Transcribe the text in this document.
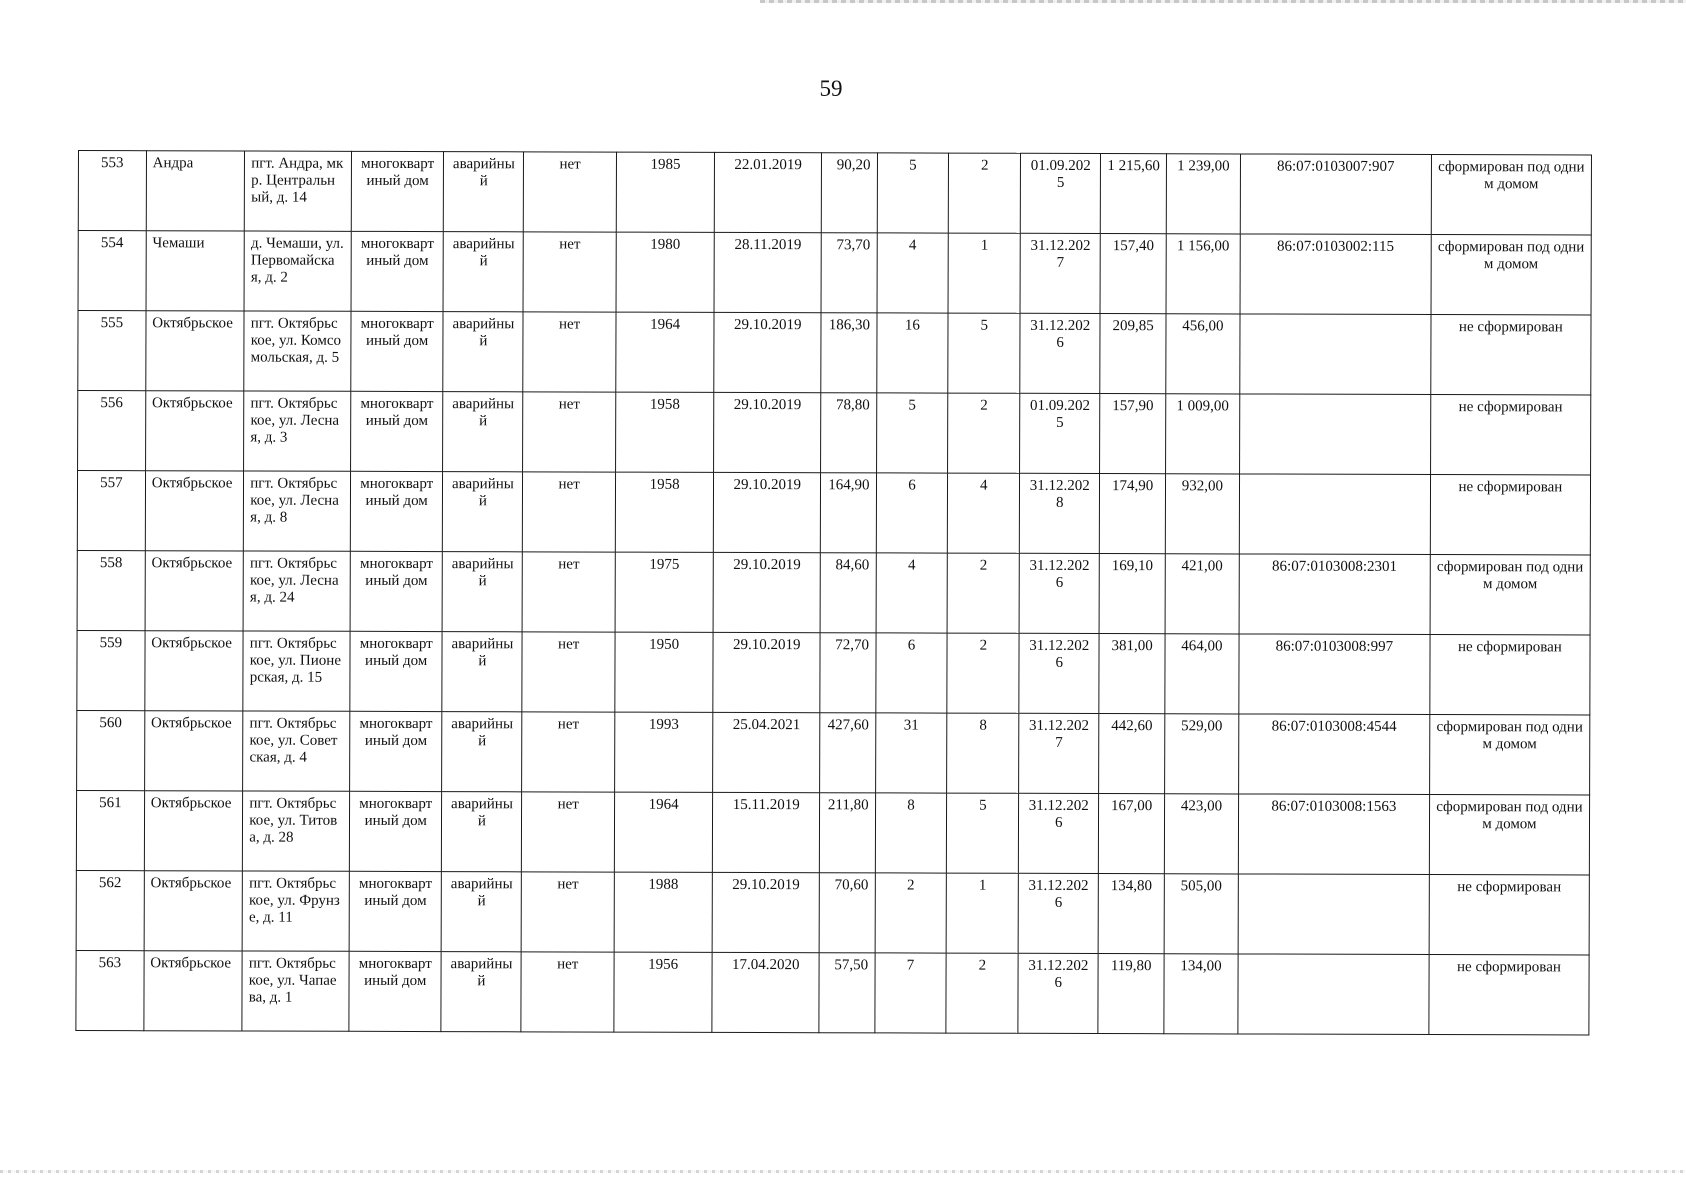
59
553	Андра	пгт. Андра, мкр. Центральный, д. 14	многоквартиный дом	аварийный	нет	1985	22.01.2019	90,20	5	2	01.09.2025	1 215,60	1 239,00	86:07:0103007:907	сформирован под одним домом
554	Чемаши	д. Чемаши, ул. Первомайская, д. 2	многоквартиный дом	аварийный	нет	1980	28.11.2019	73,70	4	1	31.12.2027	157,40	1 156,00	86:07:0103002:115	сформирован под одним домом
555	Октябрьское	пгт. Октябрьское, ул. Комсомольская, д. 5	многоквартиный дом	аварийный	нет	1964	29.10.2019	186,30	16	5	31.12.2026	209,85	456,00		не сформирован
556	Октябрьское	пгт. Октябрьское, ул. Лесная, д. 3	многоквартиный дом	аварийный	нет	1958	29.10.2019	78,80	5	2	01.09.2025	157,90	1 009,00		не сформирован
557	Октябрьское	пгт. Октябрьское, ул. Лесная, д. 8	многоквартиный дом	аварийный	нет	1958	29.10.2019	164,90	6	4	31.12.2028	174,90	932,00		не сформирован
558	Октябрьское	пгт. Октябрьское, ул. Лесная, д. 24	многоквартиный дом	аварийный	нет	1975	29.10.2019	84,60	4	2	31.12.2026	169,10	421,00	86:07:0103008:2301	сформирован под одним домом
559	Октябрьское	пгт. Октябрьское, ул. Пионерская, д. 15	многоквартиный дом	аварийный	нет	1950	29.10.2019	72,70	6	2	31.12.2026	381,00	464,00	86:07:0103008:997	не сформирован
560	Октябрьское	пгт. Октябрьское, ул. Советская, д. 4	многоквартиный дом	аварийный	нет	1993	25.04.2021	427,60	31	8	31.12.2027	442,60	529,00	86:07:0103008:4544	сформирован под одним домом
561	Октябрьское	пгт. Октябрьское, ул. Титова, д. 28	многоквартиный дом	аварийный	нет	1964	15.11.2019	211,80	8	5	31.12.2026	167,00	423,00	86:07:0103008:1563	сформирован под одним домом
562	Октябрьское	пгт. Октябрьское, ул. Фрунзе, д. 11	многоквартиный дом	аварийный	нет	1988	29.10.2019	70,60	2	1	31.12.2026	134,80	505,00		не сформирован
563	Октябрьское	пгт. Октябрьское, ул. Чапаева, д. 1	многоквартиный дом	аварийный	нет	1956	17.04.2020	57,50	7	2	31.12.2026	119,80	134,00		не сформирован
